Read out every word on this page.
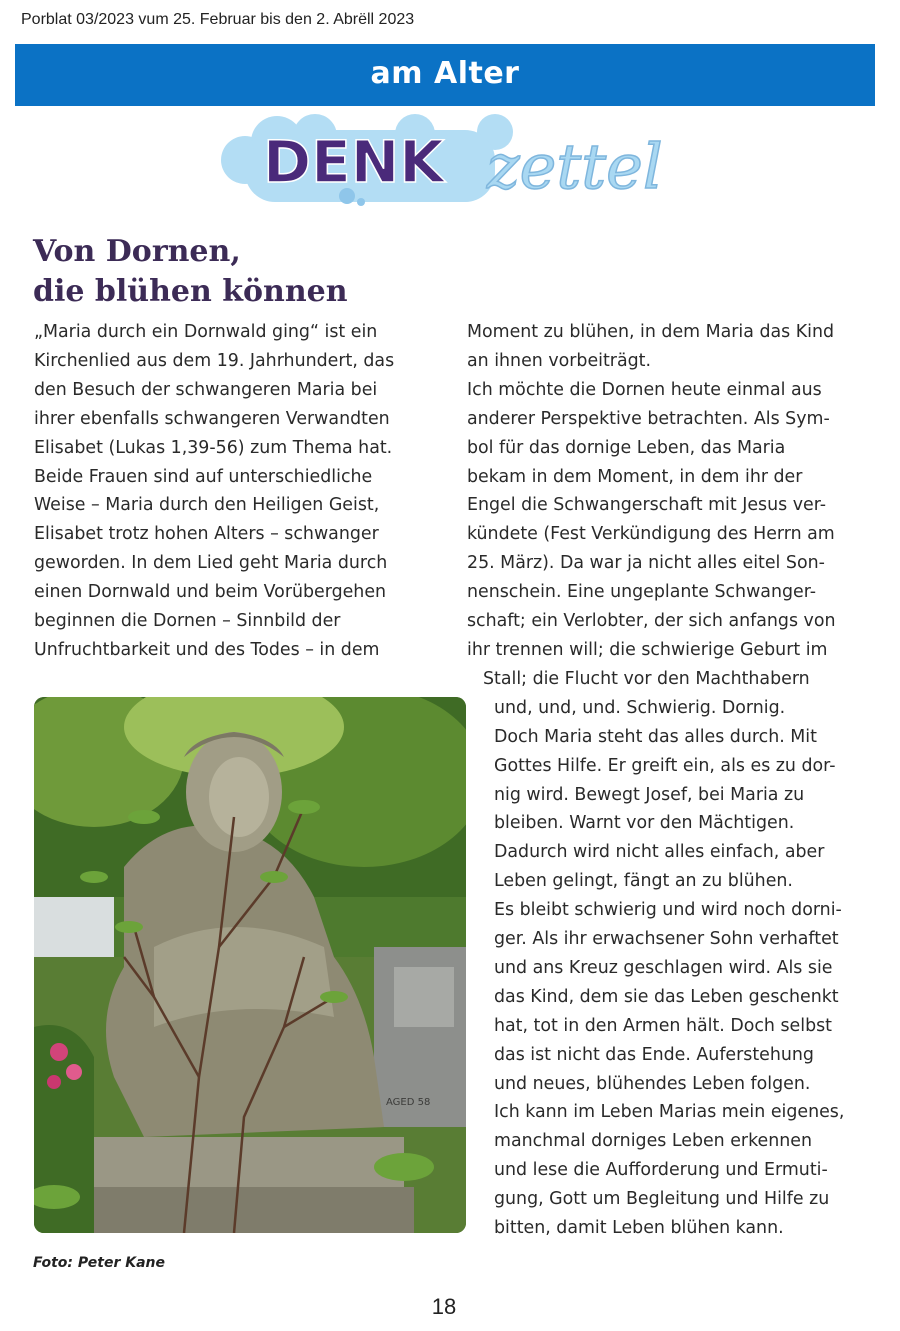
Porblat 03/2023 vum 25. Februar bis den 2. Abrëll 2023
am Alter
DENK zettel
Von Dornen,
die blühen können
„Maria durch ein Dornwald ging“ ist ein
Kirchenlied aus dem 19. Jahrhundert, das
den Besuch der schwangeren Maria bei
ihrer ebenfalls schwangeren Verwandten
Elisabet (Lukas 1,39-56) zum Thema hat.
Beide Frauen sind auf unterschiedliche
Weise – Maria durch den Heiligen Geist,
Elisabet trotz hohen Alters – schwanger
geworden. In dem Lied geht Maria durch
einen Dornwald und beim Vorübergehen
beginnen die Dornen – Sinnbild der
Unfruchtbarkeit und des Todes – in dem
Moment zu blühen, in dem Maria das Kind
an ihnen vorbeiträgt.
Ich möchte die Dornen heute einmal aus
anderer Perspektive betrachten. Als Sym-
bol für das dornige Leben, das Maria
bekam in dem Moment, in dem ihr der
Engel die Schwangerschaft mit Jesus ver-
kündete (Fest Verkündigung des Herrn am
25. März). Da war ja nicht alles eitel Son-
nenschein. Eine ungeplante Schwanger-
schaft; ein Verlobter, der sich anfangs von
ihr trennen will; die schwierige Geburt im
Stall; die Flucht vor den Machthabern
und, und, und. Schwierig. Dornig.
Doch Maria steht das alles durch. Mit
Gottes Hilfe. Er greift ein, als es zu dor-
nig wird. Bewegt Josef, bei Maria zu
bleiben. Warnt vor den Mächtigen.
Dadurch wird nicht alles einfach, aber
Leben gelingt, fängt an zu blühen.
Es bleibt schwierig und wird noch dorni-
ger. Als ihr erwachsener Sohn verhaftet
und ans Kreuz geschlagen wird. Als sie
das Kind, dem sie das Leben geschenkt
hat, tot in den Armen hält. Doch selbst
das ist nicht das Ende. Auferstehung
und neues, blühendes Leben folgen.
Ich kann im Leben Marias mein eigenes,
manchmal dorniges Leben erkennen
und lese die Aufforderung und Ermuti-
gung, Gott um Begleitung und Hilfe zu
bitten, damit Leben blühen kann.
AGED 58
Foto: Peter Kane
18
